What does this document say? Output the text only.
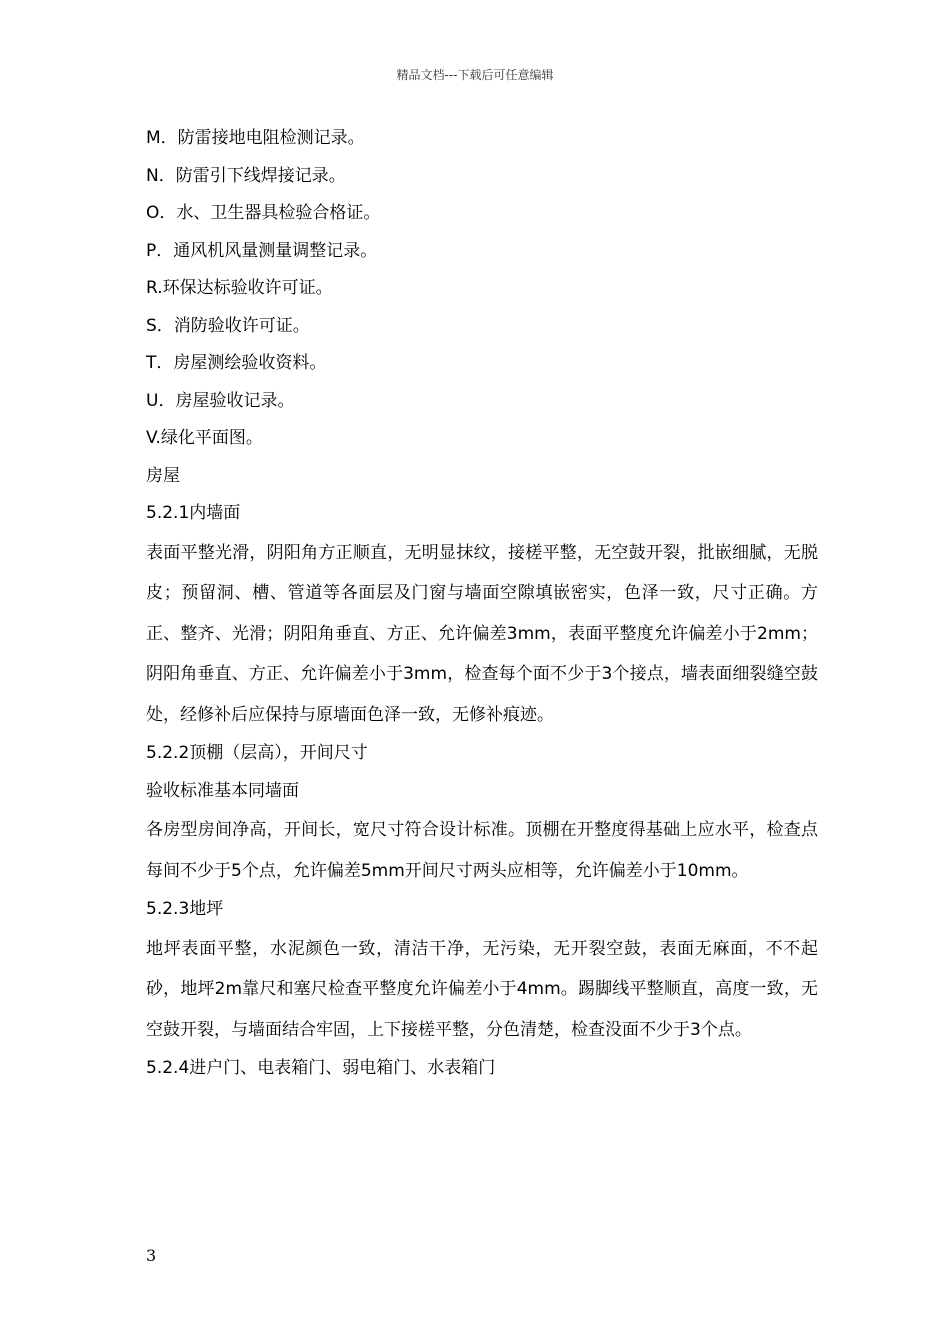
精品文档---下载后可任意编辑
M．防雷接地电阻检测记录。
N．防雷引下线焊接记录。
O．水、卫生器具检验合格证。
P．通风机风量测量调整记录。
R.环保达标验收许可证。
S．消防验收许可证。
T．房屋测绘验收资料。
U．房屋验收记录。
V.绿化平面图。
房屋
5.2.1内墙面

表面平整光滑，阴阳角方正顺直，无明显抹纹，接槎平整，无空鼓开裂，批嵌细腻，无脱皮；预留洞、槽、管道等各面层及门窗与墙面空隙填嵌密实，色泽一致，尺寸正确。方正、整齐、光滑；阴阳角垂直、方正、允许偏差3mm，表面平整度允许偏差小于2mm；阴阳角垂直、方正、允许偏差小于3mm，检查每个面不少于3个接点，墙表面细裂缝空鼓处，经修补后应保持与原墙面色泽一致，无修补痕迹。

5.2.2顶棚（层高），开间尺寸
验收标准基本同墙面

各房型房间净高，开间长，宽尺寸符合设计标准。顶棚在开整度得基础上应水平，检查点每间不少于5个点，允许偏差5mm开间尺寸两头应相等，允许偏差小于10mm。

5.2.3地坪

地坪表面平整，水泥颜色一致，清洁干净，无污染，无开裂空鼓，表面无麻面，不不起砂，地坪2m靠尺和塞尺检查平整度允许偏差小于4mm。踢脚线平整顺直，高度一致，无空鼓开裂，与墙面结合牢固，上下接槎平整，分色清楚，检查没面不少于3个点。

5.2.4进户门、电表箱门、弱电箱门、水表箱门
3
